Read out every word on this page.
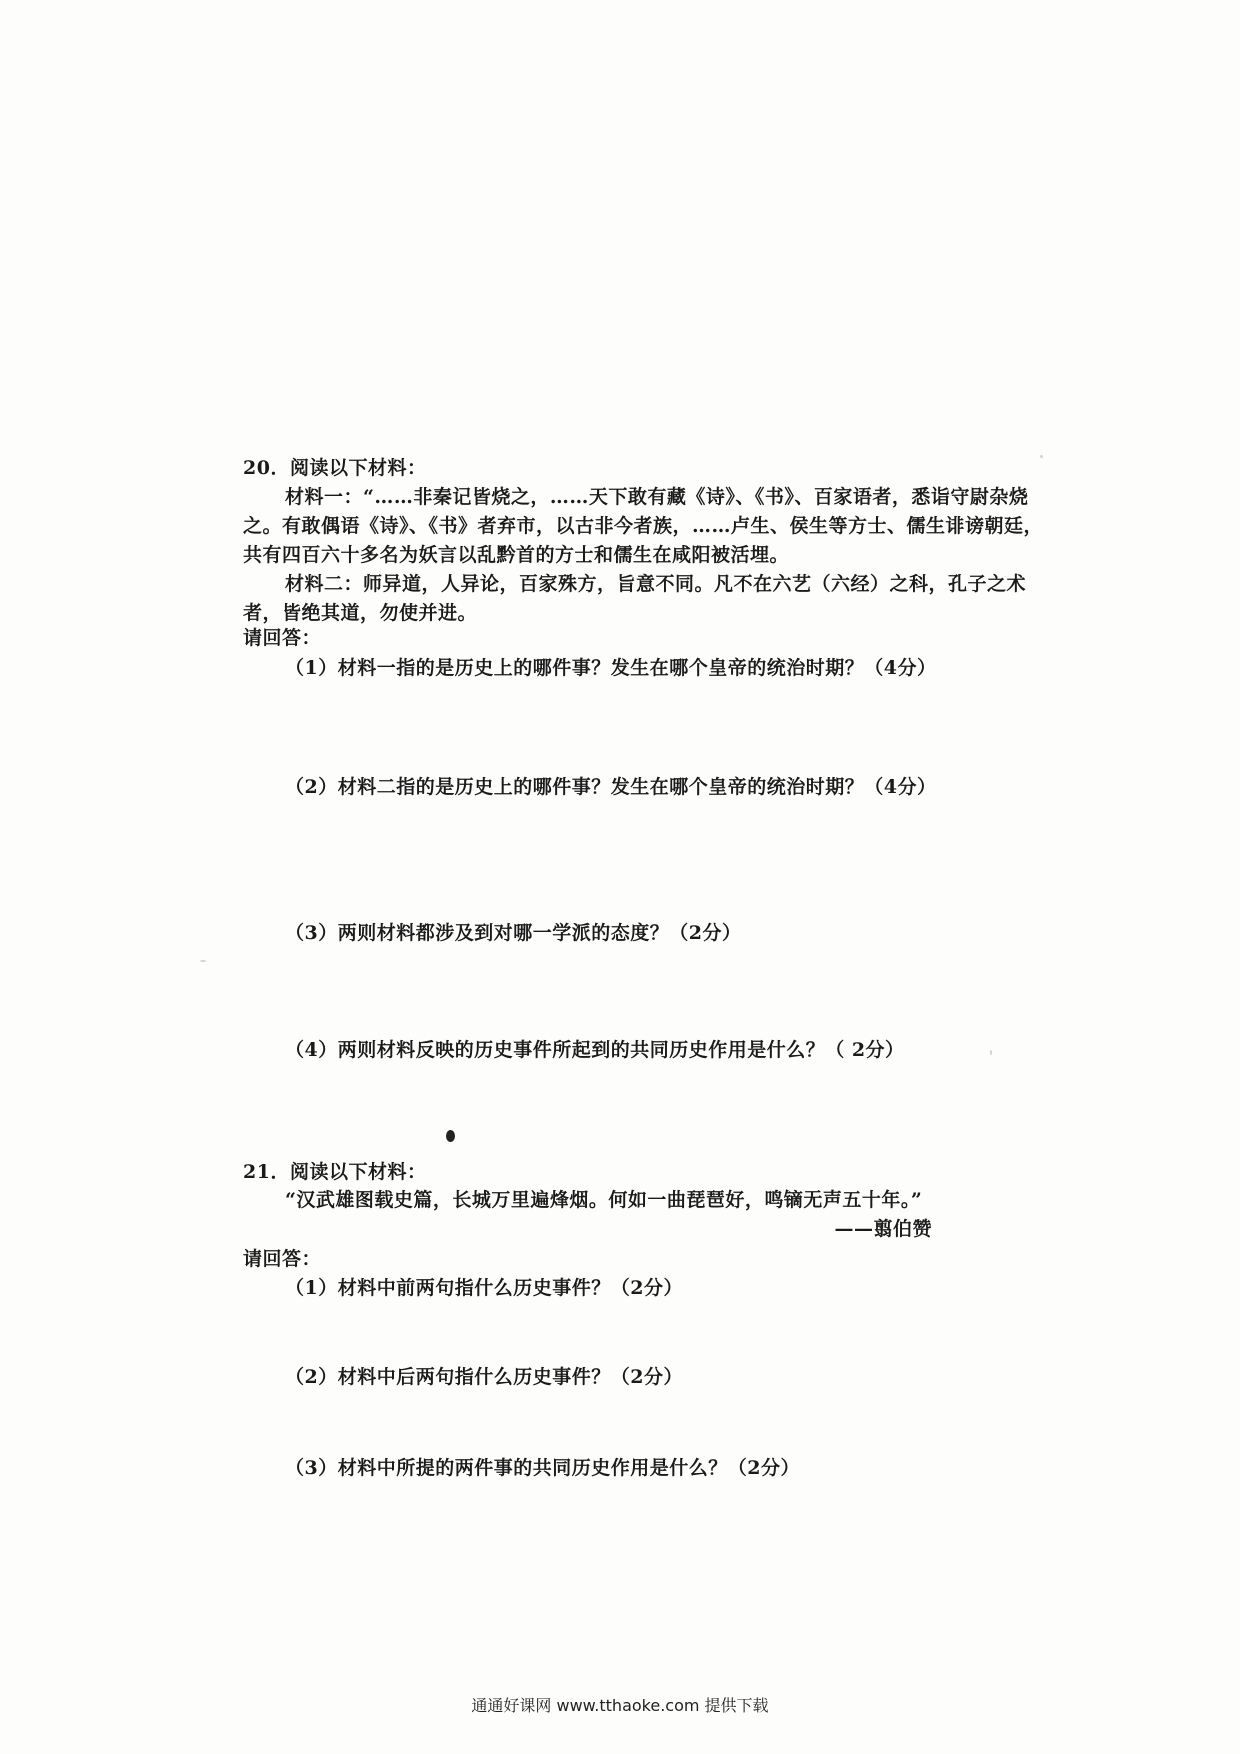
20．阅读以下材料：
材料一：“……非秦记皆烧之，……天下敢有藏《诗》、《书》、百家语者，悉诣守尉杂烧
之。有敢偶语《诗》、《书》者弃市，以古非今者族，……卢生、侯生等方士、儒生诽谤朝廷，
共有四百六十多名为妖言以乱黔首的方士和儒生在咸阳被活埋。
材料二：师异道，人异论，百家殊方，旨意不同。凡不在六艺（六经）之科，孔子之术
者，皆绝其道，勿使并进。
请回答：
（1）材料一指的是历史上的哪件事？发生在哪个皇帝的统治时期？（4分）
（2）材料二指的是历史上的哪件事？发生在哪个皇帝的统治时期？（4分）
（3）两则材料都涉及到对哪一学派的态度？（2分）
（4）两则材料反映的历史事件所起到的共同历史作用是什么？（ 2分）
21．阅读以下材料：
“汉武雄图载史篇，长城万里遍烽烟。何如一曲琵琶好，鸣镝无声五十年。”
——翦伯赞
请回答：
（1）材料中前两句指什么历史事件？（2分）
（2）材料中后两句指什么历史事件？（2分）
（3）材料中所提的两件事的共同历史作用是什么？（2分）
通通好课网 www.tthaoke.com 提供下载
